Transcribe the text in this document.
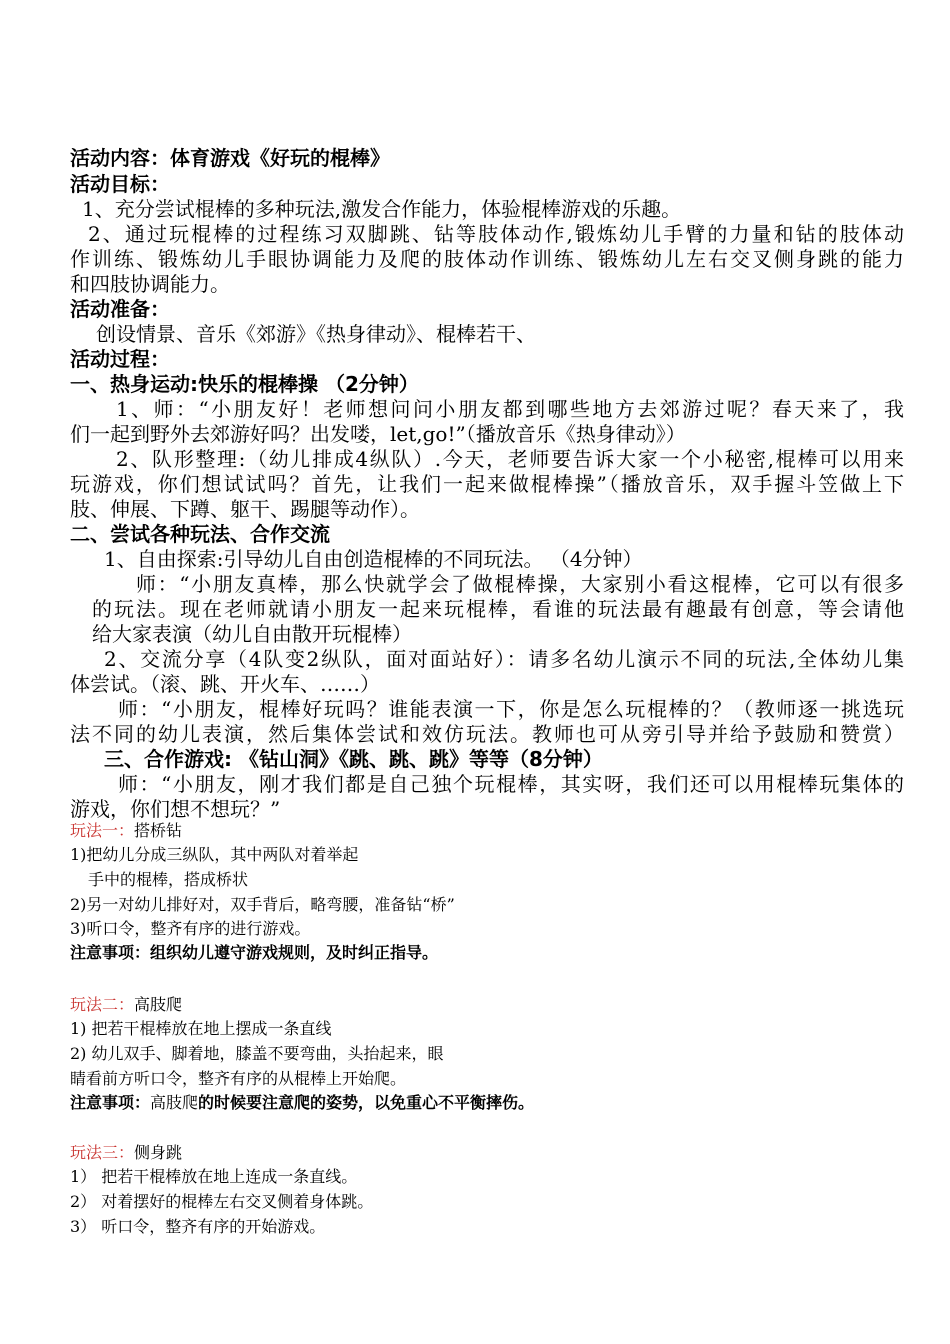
活动内容：体育游戏《好玩的棍棒》
活动目标：
1、充分尝试棍棒的多种玩法,激发合作能力，体验棍棒游戏的乐趣。
2、通过玩棍棒的过程练习双脚跳、钻等肢体动作,锻炼幼儿手臂的力量和钻的肢体动
作训练、锻炼幼儿手眼协调能力及爬的肢体动作训练、锻炼幼儿左右交叉侧身跳的能力
和四肢协调能力。
活动准备：
创设情景、音乐《郊游》《热身律动》、棍棒若干、
活动过程：
一、热身运动:快乐的棍棒操 （2分钟）
1、师：“小朋友好！老师想问问小朋友都到哪些地方去郊游过呢？春天来了，我
们一起到野外去郊游好吗？出发喽，let,go!”（播放音乐《热身律动》）
2、队形整理:（幼儿排成4纵队）.今天，老师要告诉大家一个小秘密,棍棒可以用来
玩游戏，你们想试试吗？首先，让我们一起来做棍棒操”（播放音乐，双手握斗笠做上下
肢、伸展、下蹲、躯干、踢腿等动作）。
二、尝试各种玩法、合作交流
1、自由探索:引导幼儿自由创造棍棒的不同玩法。 （4分钟）
师：“小朋友真棒，那么快就学会了做棍棒操，大家别小看这棍棒，它可以有很多
的玩法。现在老师就请小朋友一起来玩棍棒，看谁的玩法最有趣最有创意，等会请他
给大家表演（幼儿自由散开玩棍棒）
2、交流分享（4队变2纵队，面对面站好）：请多名幼儿演示不同的玩法,全体幼儿集
体尝试。（滚、跳、开火车、……）
师：“小朋友，棍棒好玩吗？谁能表演一下，你是怎么玩棍棒的？（教师逐一挑选玩
法不同的幼儿表演，然后集体尝试和效仿玩法。教师也可从旁引导并给予鼓励和赞赏）
三、合作游戏: 《钻山洞》《跳、跳、跳》等等（8分钟）
师：“小朋友，刚才我们都是自己独个玩棍棒，其实呀，我们还可以用棍棒玩集体的
游戏，你们想不想玩？”
玩法一：搭桥钻
1)把幼儿分成三纵队，其中两队对着举起
手中的棍棒，搭成桥状
2)另一对幼儿排好对，双手背后，略弯腰，准备钻“桥”
3)听口令，整齐有序的进行游戏。
注意事项：组织幼儿遵守游戏规则，及时纠正指导。
玩法二：高肢爬
1) 把若干棍棒放在地上摆成一条直线
2) 幼儿双手、脚着地，膝盖不要弯曲，头抬起来，眼
睛看前方听口令，整齐有序的从棍棒上开始爬。
注意事项：高肢爬的时候要注意爬的姿势，以免重心不平衡摔伤。
玩法三：侧身跳
1） 把若干棍棒放在地上连成一条直线。
2） 对着摆好的棍棒左右交叉侧着身体跳。
3） 听口令，整齐有序的开始游戏。
